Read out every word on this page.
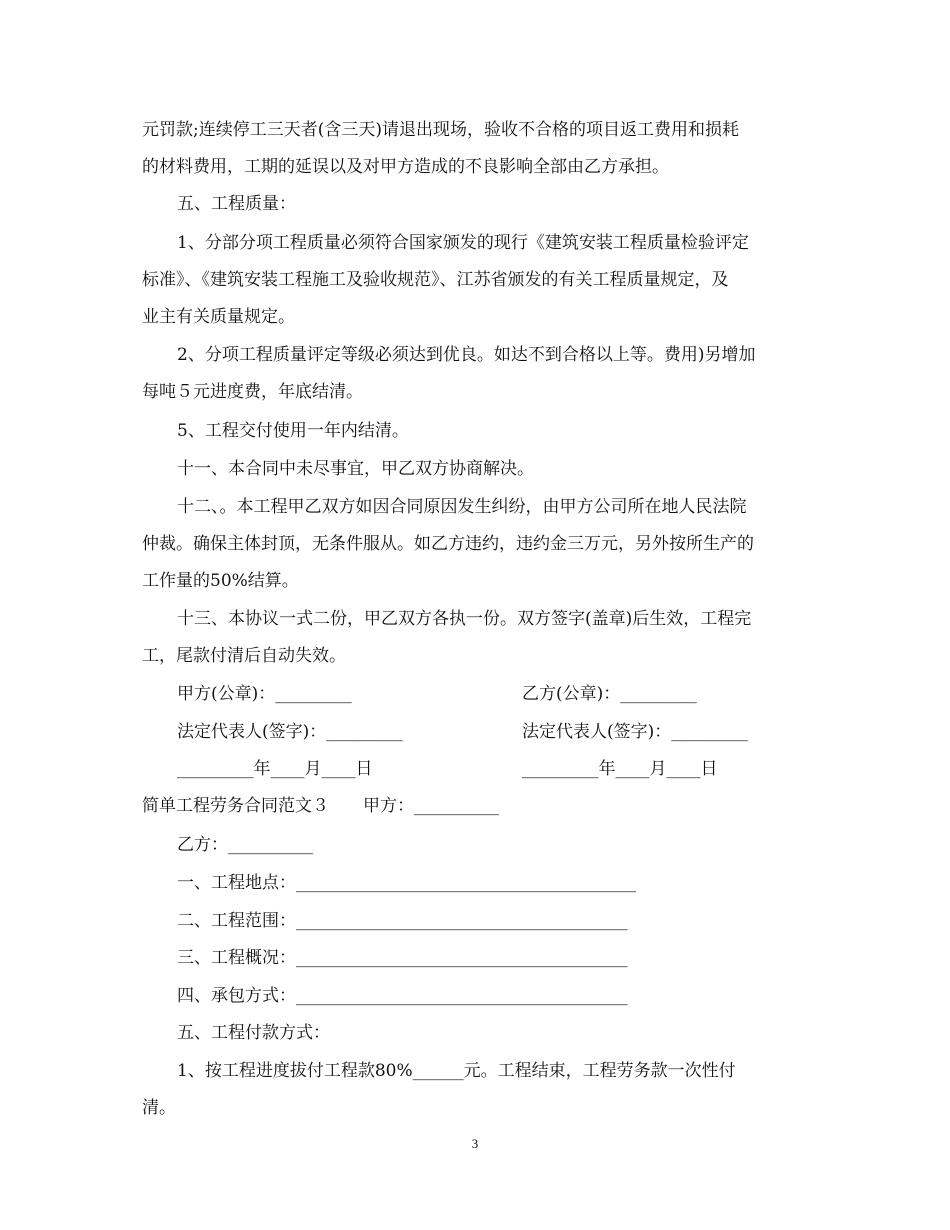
元罚款;连续停工三天者(含三天)请退出现场，验收不合格的项目返工费用和损耗

的材料费用，工期的延误以及对甲方造成的不良影响全部由乙方承担。

五、工程质量：

1、分部分项工程质量必须符合国家颁发的现行《建筑安装工程质量检验评定

标准》、《建筑安装工程施工及验收规范》、江苏省颁发的有关工程质量规定，及

业主有关质量规定。

2、分项工程质量评定等级必须达到优良。如达不到合格以上等。费用)另增加

每吨５元进度费，年底结清。

5、工程交付使用一年内结清。

十一、本合同中未尽事宜，甲乙双方协商解决。

十二、。本工程甲乙双方如因合同原因发生纠纷，由甲方公司所在地人民法院

仲裁。确保主体封顶，无条件服从。如乙方违约，违约金三万元，另外按所生产的

工作量的50%结算。

十三、本协议一式二份，甲乙双方各执一份。双方签字(盖章)后生效，工程完

工，尾款付清后自动失效。

甲方(公章)：_________	乙方(公章)：_________

法定代表人(签字)：_________	法定代表人(签字)：_________

_________年____月____日	_________年____月____日

简单工程劳务合同范文３　　甲方：__________

乙方：__________

一、工程地点：________________________________________

二、工程范围：_______________________________________

三、工程概况：_______________________________________

四、承包方式：_______________________________________

五、工程付款方式：

1、按工程进度拔付工程款80%______元。工程结束，工程劳务款一次性付

清。

3
